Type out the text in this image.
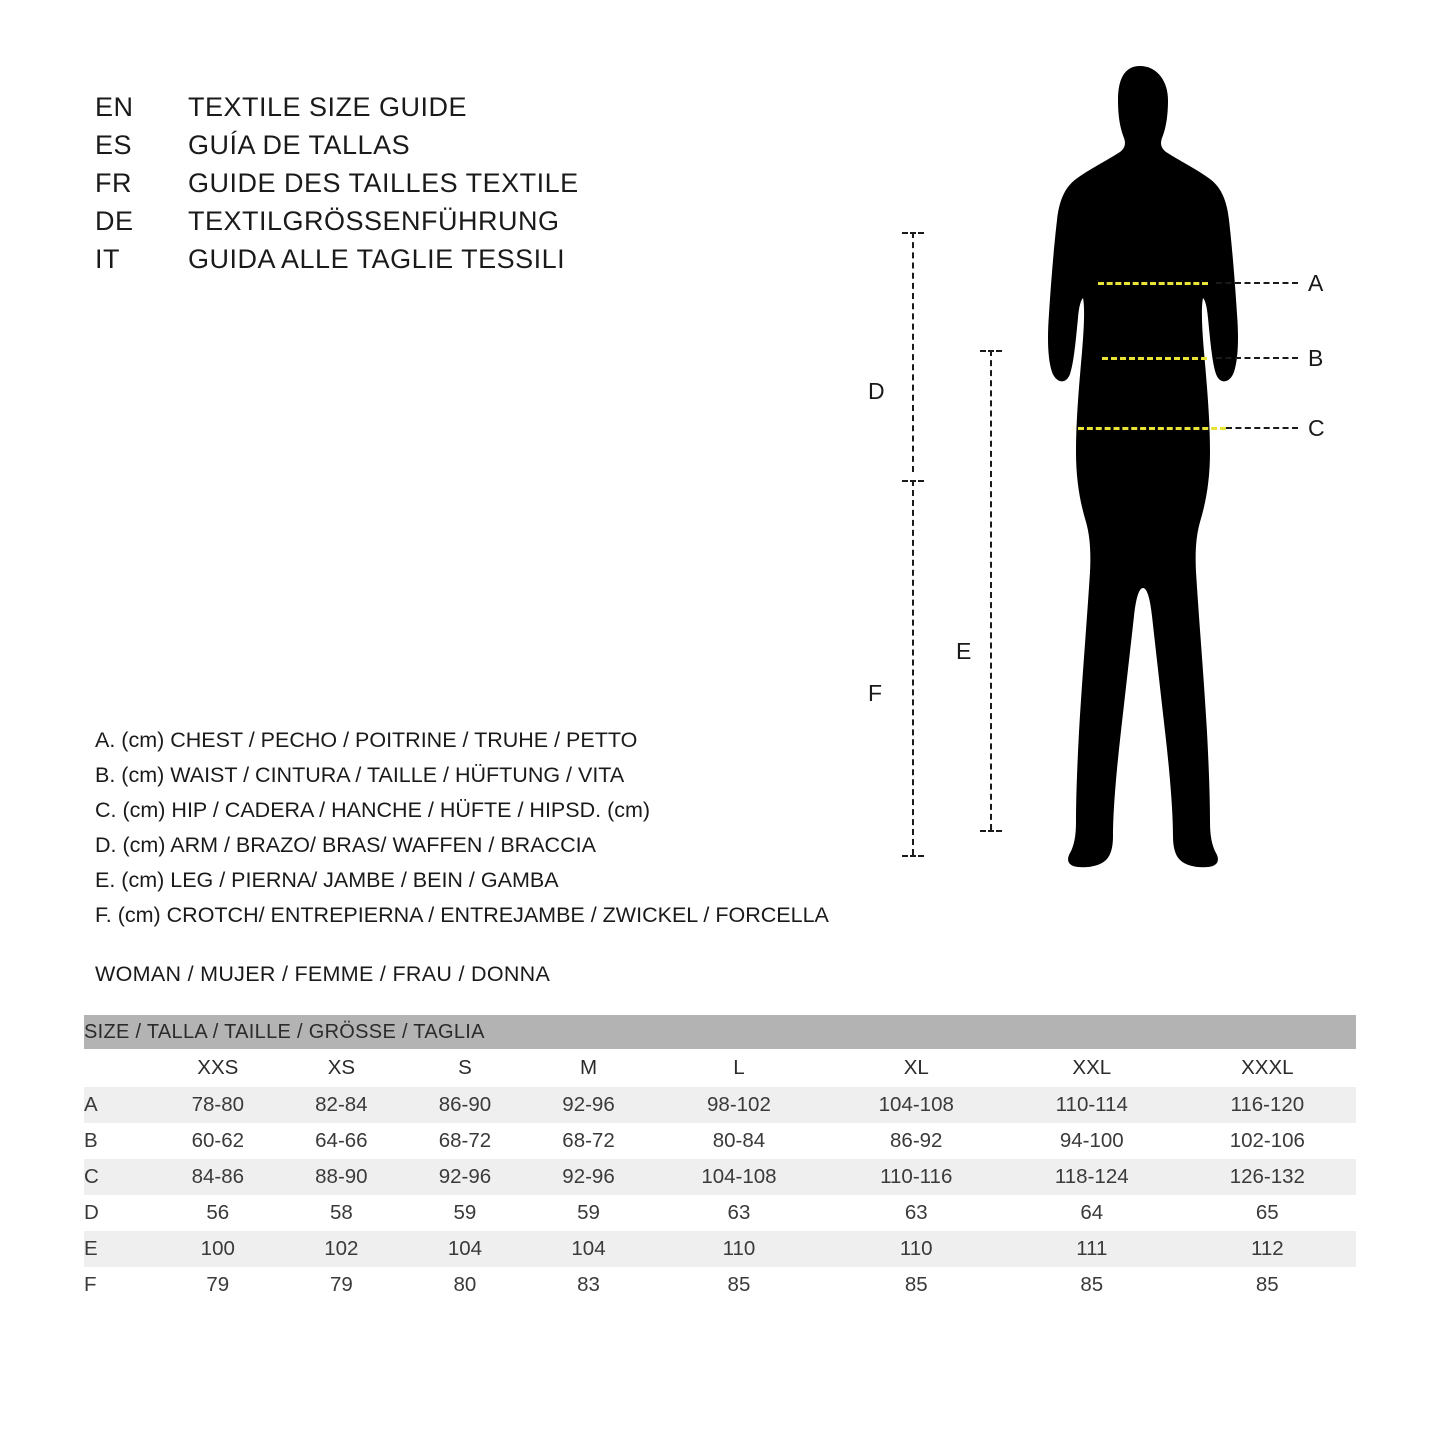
EN	TEXTILE SIZE GUIDE
ES	GUÍA DE TALLAS
FR	GUIDE DES TAILLES TEXTILE
DE	TEXTILGRÖSSENFÜHRUNG
IT	GUIDA ALLE TAGLIE TESSILI
D
F
E
A
B
C
A. (cm) CHEST / PECHO / POITRINE / TRUHE / PETTO
B. (cm) WAIST / CINTURA / TAILLE / HÜFTUNG / VITA
C. (cm) HIP / CADERA / HANCHE / HÜFTE / HIPSD. (cm)
D. (cm) ARM / BRAZO/ BRAS/ WAFFEN / BRACCIA
E. (cm) LEG / PIERNA/ JAMBE / BEIN / GAMBA
F. (cm) CROTCH/ ENTREPIERNA / ENTREJAMBE / ZWICKEL / FORCELLA
WOMAN / MUJER / FEMME / FRAU / DONNA
SIZE / TALLA / TAILLE / GRÖSSE / TAGLIA								
	XXS	XS	S	M	L	XL	XXL	XXXL
A	78-80	82-84	86-90	92-96	98-102	104-108	110-114	116-120
B	60-62	64-66	68-72	68-72	80-84	86-92	94-100	102-106
C	84-86	88-90	92-96	92-96	104-108	110-116	118-124	126-132
D	56	58	59	59	63	63	64	65
E	100	102	104	104	110	110	111	112
F	79	79	80	83	85	85	85	85
